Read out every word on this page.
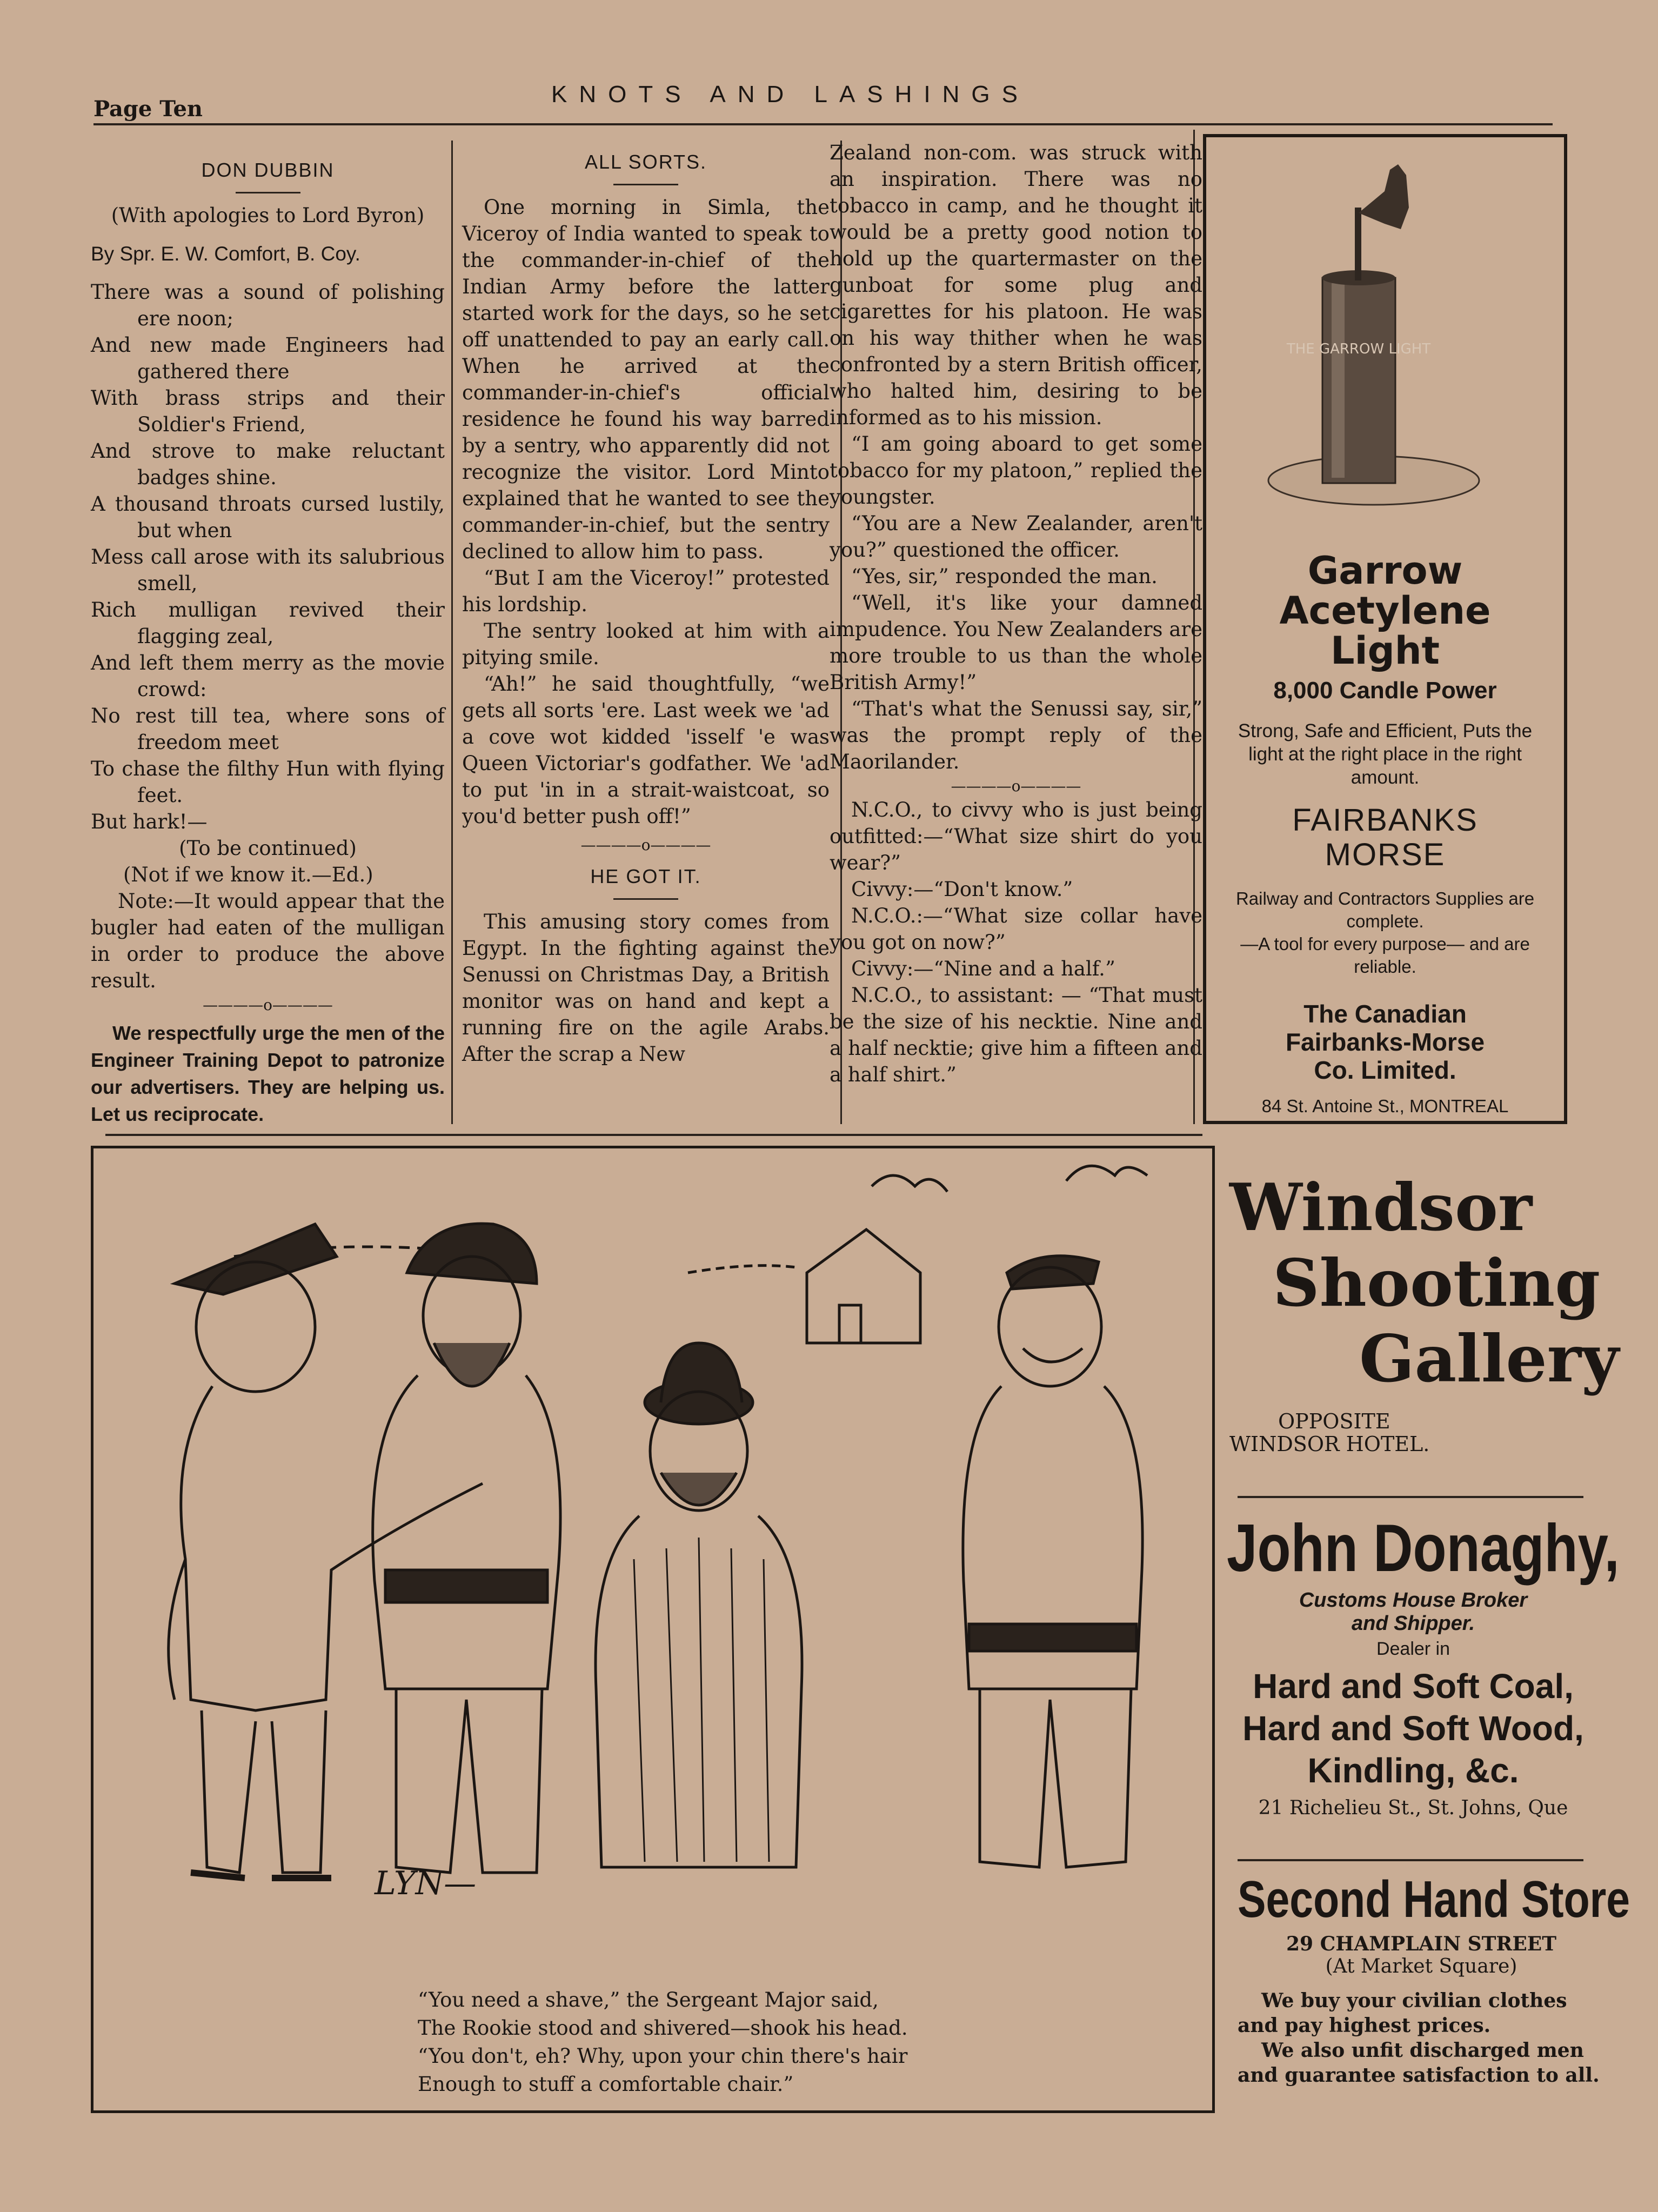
Page Ten
KNOTS AND LASHINGS
DON DUBBIN

(With apologies to Lord Byron)

By Spr. E. W. Comfort, B. Coy.

There was a sound of polishing ere noon;

And new made Engineers had gathered there

With brass strips and their Soldier's Friend,

And strove to make reluctant badges shine.

A thousand throats cursed lustily, but when

Mess call arose with its salubrious smell,

Rich mulligan revived their flagging zeal,

And left them merry as the movie crowd:

No rest till tea, where sons of freedom meet

To chase the filthy Hun with flying feet.

But hark!—

(To be continued)

(Not if we know it.—Ed.)

Note:—It would appear that the bugler had eaten of the mulligan in order to produce the above result.

————o————

We respectfully urge the men of the Engineer Training Depot to patronize our advertisers. They are helping us. Let us reciprocate.

ALL SORTS.

One morning in Simla, the Viceroy of India wanted to speak to the commander-in-chief of the Indian Army before the latter started work for the days, so he set off unattended to pay an early call. When he arrived at the commander-in-chief's official residence he found his way barred by a sentry, who apparently did not recognize the visitor. Lord Minto explained that he wanted to see the commander-in-chief, but the sentry declined to allow him to pass.

“But I am the Viceroy!” protested his lordship.

The sentry looked at him with a pitying smile.

“Ah!” he said thoughtfully, “we gets all sorts 'ere. Last week we 'ad a cove wot kidded 'isself 'e was Queen Victoriar's godfather. We 'ad to put 'in in a strait-waistcoat, so you'd better push off!”

————o————
HE GOT IT.

This amusing story comes from Egypt. In the fighting against the Senussi on Christmas Day, a British monitor was on hand and kept a running fire on the agile Arabs. After the scrap a New

Zealand non-com. was struck with an inspiration. There was no tobacco in camp, and he thought it would be a pretty good notion to hold up the quartermaster on the gunboat for some plug and cigarettes for his platoon. He was on his way thither when he was confronted by a stern British officer, who halted him, desiring to be informed as to his mission.

“I am going aboard to get some tobacco for my platoon,” replied the youngster.

“You are a New Zealander, aren't you?” questioned the officer.

“Yes, sir,” responded the man.

“Well, it's like your damned impudence. You New Zealanders are more trouble to us than the whole British Army!”

“That's what the Senussi say, sir,” was the prompt reply of the Maorilander.

————o————

N.C.O., to civvy who is just being outfitted:—“What size shirt do you wear?”

Civvy:—“Don't know.”

N.C.O.:—“What size collar have you got on now?”

Civvy:—“Nine and a half.”

N.C.O., to assistant: — “That must be the size of his necktie. Nine and a half necktie; give him a fifteen and a half shirt.”

THE GARROW LIGHT
Garrow
Acetylene
Light
8,000 Candle Power
Strong, Safe and Efficient, Puts the light at the right place in the right amount.
FAIRBANKS
MORSE
Railway and Contractors Supplies are complete.
—A tool for every purpose— and are reliable.
The Canadian
Fairbanks-Morse
Co. Limited.
84 St. Antoine St., MONTREAL
LYN—
“You need a shave,” the Sergeant Major said,
The Rookie stood and shivered—shook his head.
“You don't, eh? Why, upon your chin there's hair
Enough to stuff a comfortable chair.”
Windsor
Shooting
Gallery
OPPOSITE
WINDSOR HOTEL.
John Donaghy,
Customs House Broker
and Shipper.
Dealer in
Hard and Soft Coal,
Hard and Soft Wood,
Kindling, &c.
21 Richelieu St., St. Johns, Que
Second Hand Store
29 CHAMPLAIN STREET
(At Market Square)
We buy your civilian clothes and pay highest prices.
We also unfit discharged men and guarantee satisfaction to all.
